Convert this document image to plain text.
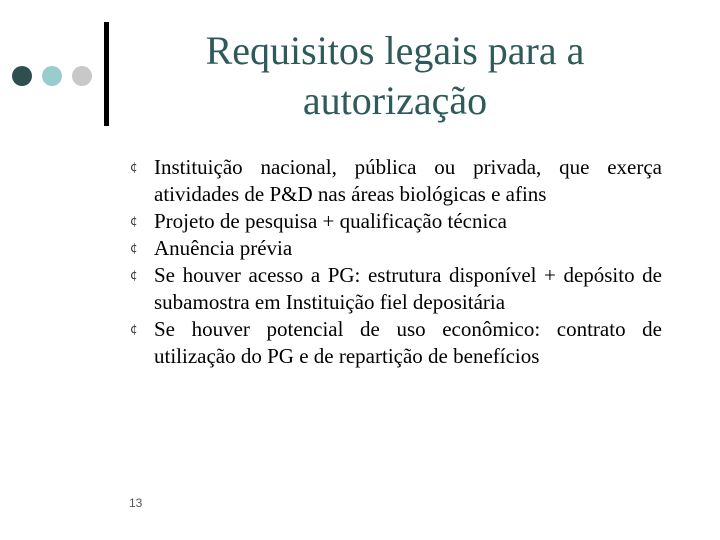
Requisitos legais para a autorização
¢ Instituição nacional, pública ou privada, que exerça atividades de P&D nas áreas biológicas e afins
¢ Projeto de pesquisa + qualificação técnica
¢ Anuência prévia
¢ Se houver acesso a PG: estrutura disponível + depósito de subamostra em Instituição fiel depositária
¢ Se houver potencial de uso econômico: contrato de utilização do PG e de repartição de benefícios
13
